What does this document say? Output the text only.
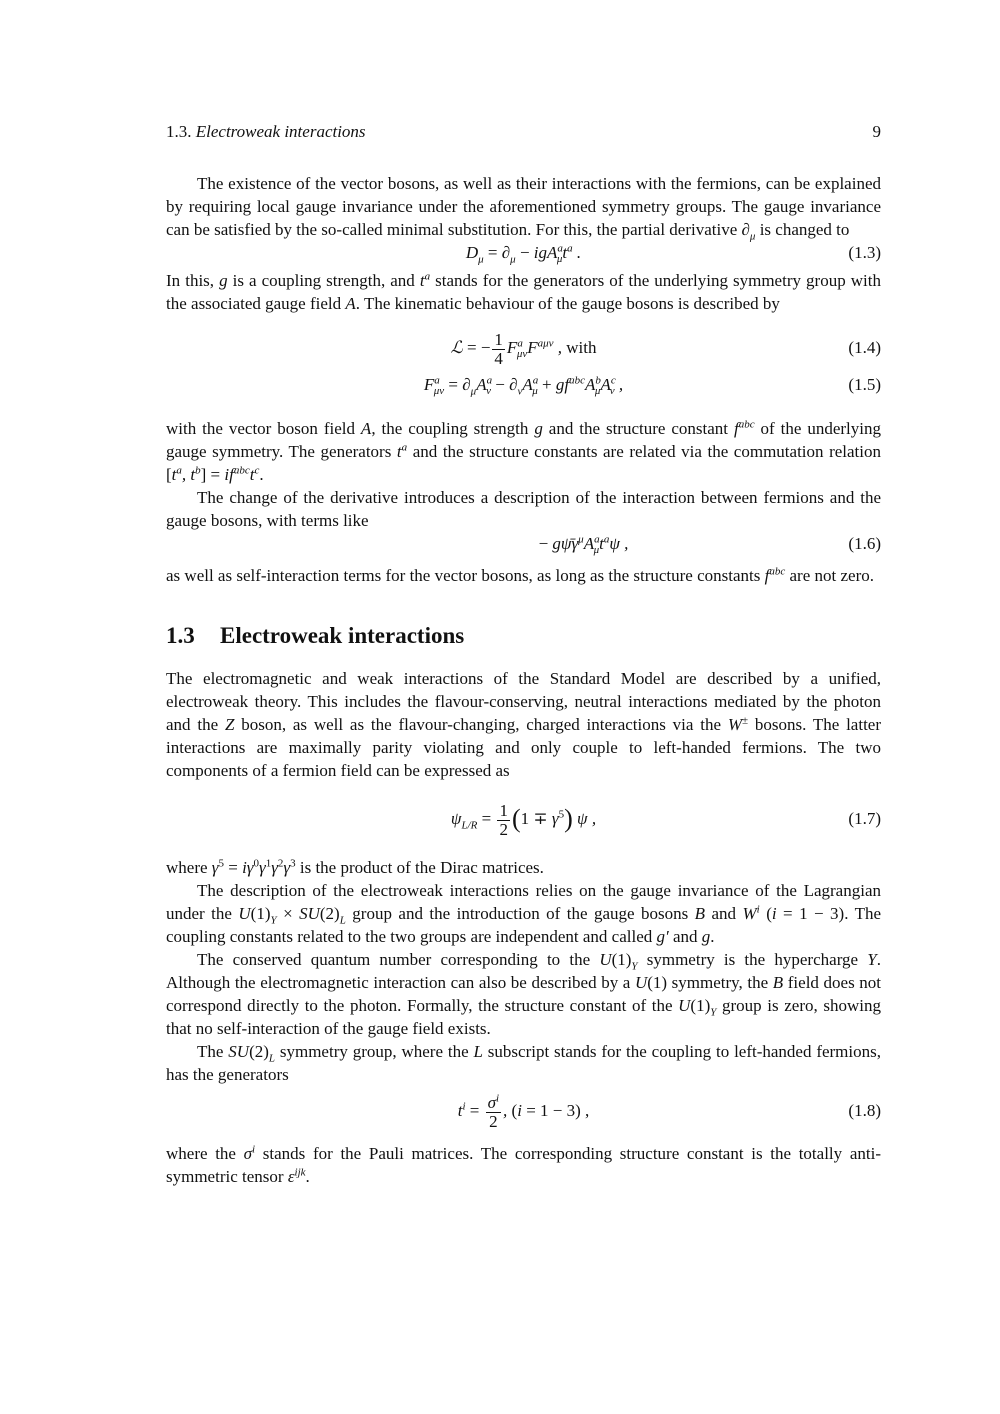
1.3. Electroweak interactions	9

The existence of the vector bosons, as well as their interactions with the fermions, can be explained by requiring local gauge invariance under the aforementioned symmetry groups. The gauge invariance can be satisfied by the so-called minimal substitution. For this, the partial derivative $\partial_\mu$ is changed to

$D_\mu = \partial_\mu - igA^a_\mu t^a$ .	(1.3)

In this, g is a coupling strength, and $t^a$ stands for the generators of the underlying symmetry group with the associated gauge field A. The kinematic behaviour of the gauge bosons is described by

ℒ = − $\frac{1}{4} F^a_{\mu\nu}F^{a\mu\nu}$ , with	(1.4)
$F^a_{\mu\nu} = \partial_\mu A^a_\nu - \partial_\nu A^a_\mu + gf^{abc}A^b_\mu A^c_\nu$ ,	(1.5)

with the vector boson field A, the coupling strength g and the structure constant $f^{abc}$ of the underlying gauge symmetry. The generators $t^a$ and the structure constants are related via the commutation relation [$t^a$, $t^b] = if^{abc}t^c$.

The change of the derivative introduces a description of the interaction between fermions and the gauge bosons, with terms like

− $g\psī\gamma^\mu A^a_\mu t^a\psi$ ,	(1.6)

as well as self-interaction terms for the vector bosons, as long as the structure constants $f^{abc}$ are not zero.

1.3 Electroweak interactions

The electromagnetic and weak interactions of the Standard Model are described by a unified, electroweak theory. This includes the flavour-conserving, neutral interactions mediated by the photon and the Z boson, as well as the flavour-changing, charged interactions via the W± bosons. The latter interactions are maximally parity violating and only couple to left-handed fermions. The two components of a fermion field can be expressed as

$\psi_{L/R} = \frac{1}{2} (1 \mp \gamma^5)$ ψ ,	(1.7)

where $\gamma^5 = i\gamma^0\gamma^1\gamma^2\gamma^3$ is the product of the Dirac matrices.

The description of the electroweak interactions relies on the gauge invariance of the Lagrangian under the $U(1)_Y \times SU(2)_L$ group and the introduction of the gauge bosons B and $W^i$ (i = 1 − 3). The coupling constants related to the two groups are independent and called g′ and g.

The conserved quantum number corresponding to the $U(1)_Y$ symmetry is the hypercharge Y. Although the electromagnetic interaction can also be described by a U(1) symmetry, the B field does not correspond directly to the photon. Formally, the structure constant of the $U(1)_Y$ group is zero, showing that no self-interaction of the gauge field exists.

The $SU(2)_L$ symmetry group, where the L subscript stands for the coupling to left-handed fermions, has the generators

$t^i = \frac{\sigma^i}{2}$ , (i = 1 − 3) ,	(1.8)

where the $\sigma^i$ stands for the Pauli matrices. The corresponding structure constant is the totally anti-symmetric tensor $\varepsilon^{ijk}$.
